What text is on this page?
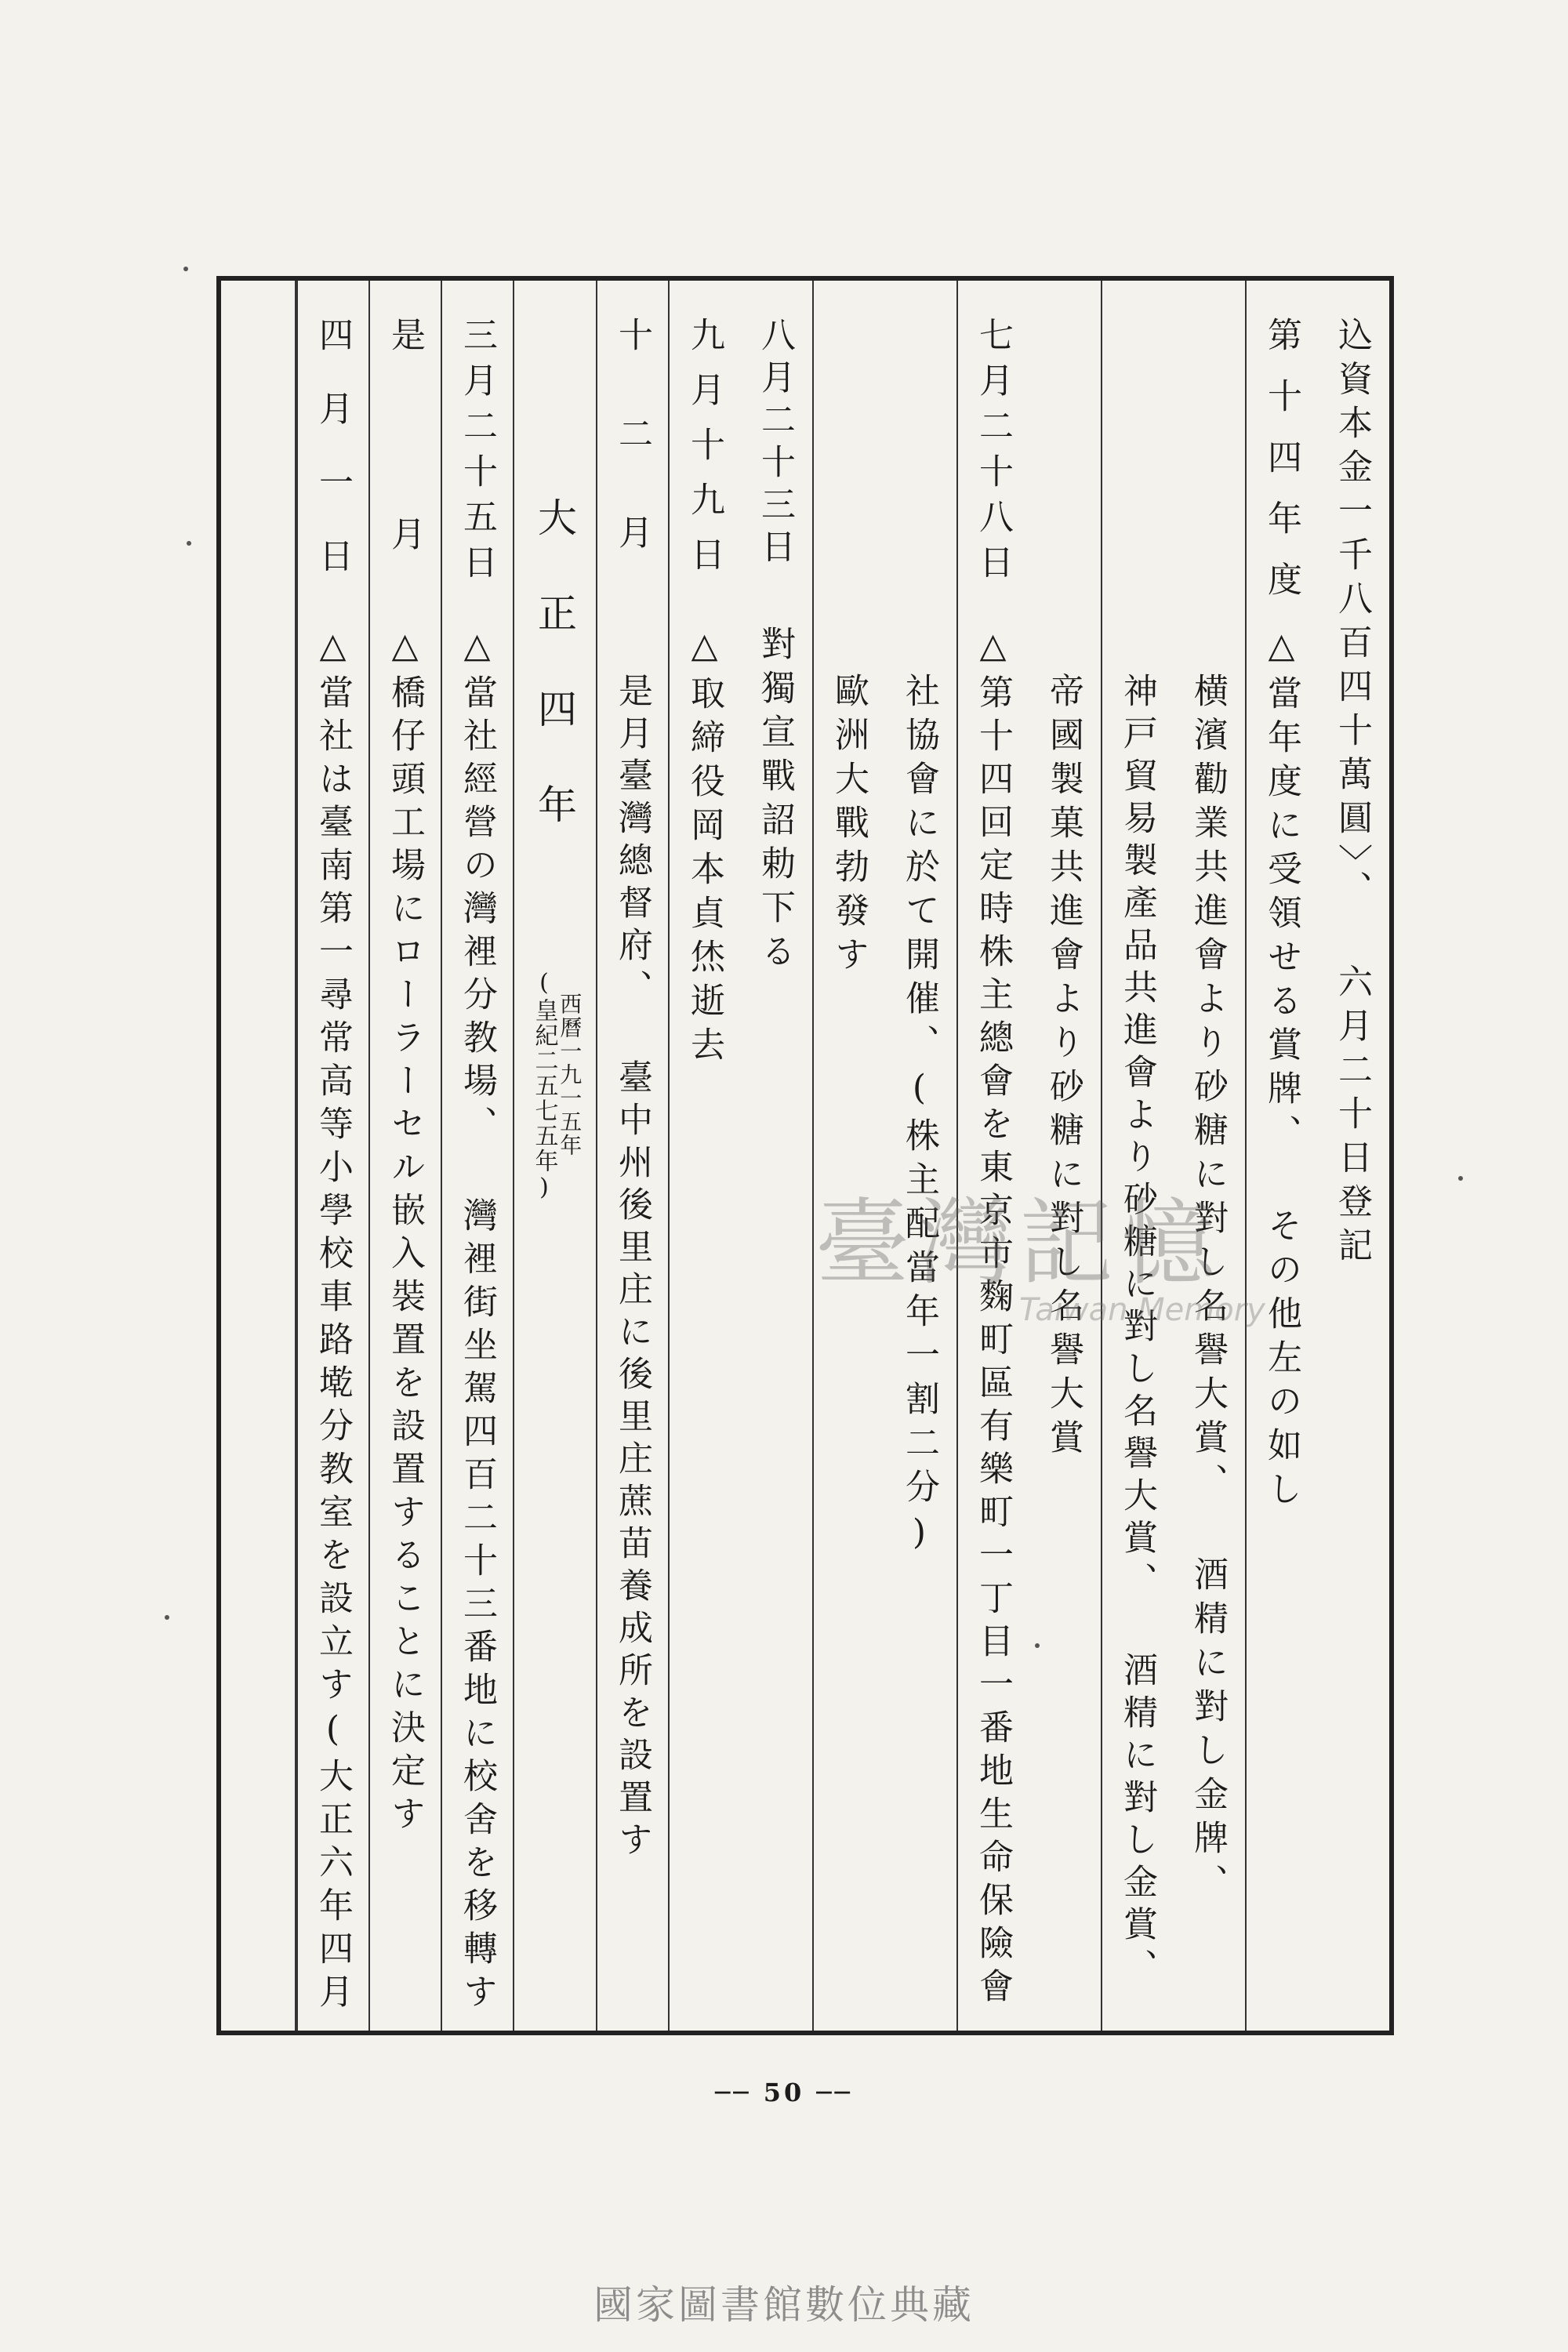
込資本金一千八百四十萬圓〉、 六月二十日登記
第十四年度
△當年度に受領せる賞牌、 その他左の如し
横濱勸業共進會より砂糖に對し名譽大賞、 酒精に對し金牌、
神戸貿易製產品共進會より砂糖に對し名譽大賞、 酒精に對し金賞、
帝國製菓共進會より砂糖に對し名譽大賞
七月二十八日
△第十四回定時株主總會を東京市麴町區有樂町一丁目一番地生命保險會
社協會に於て開催、(株主配當年一割二分)
歐洲大戰勃發す
八月二十三日
對獨宣戰詔勅下る
九月十九日
△取締役岡本貞烋逝去
十二月
是月臺灣總督府、 臺中州後里庄に後里庄蔗苗養成所を設置す
大正四年
(皇紀二五七五年)
西曆一九一五年
三月二十五日
△當社經營の灣裡分教場、 灣裡街坐駕四百二十三番地に校舍を移轉す
是月
△橋仔頭工場にローラーセル嵌入裝置を設置することに決定す
四月一日
△當社は臺南第一尋常高等小學校車路墘分教室を設立す(大正六年四月	臺灣記憶
Taiwan Memory
── 50 ──
國家圖書館數位典藏
